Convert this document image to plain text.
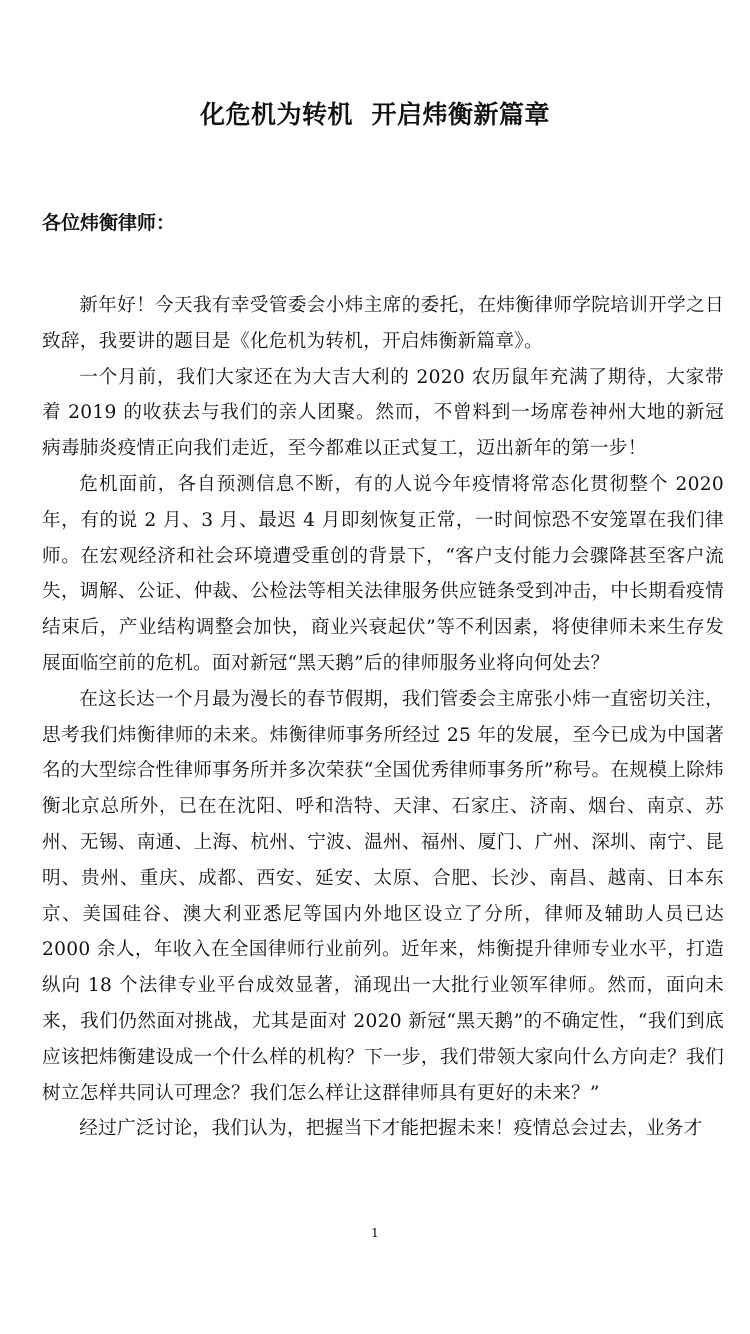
化危机为转机  开启炜衡新篇章

各位炜衡律师：

新年好！今天我有幸受管委会小炜主席的委托，在炜衡律师学院培训开学之日致辞，我要讲的题目是《化危机为转机，开启炜衡新篇章》。

一个月前，我们大家还在为大吉大利的 2020 农历鼠年充满了期待，大家带着 2019 的收获去与我们的亲人团聚。然而，不曾料到一场席卷神州大地的新冠病毒肺炎疫情正向我们走近，至今都难以正式复工，迈出新年的第一步！

危机面前，各自预测信息不断，有的人说今年疫情将常态化贯彻整个 2020 年，有的说 2 月、3 月、最迟 4 月即刻恢复正常，一时间惊恐不安笼罩在我们律师。在宏观经济和社会环境遭受重创的背景下，“客户支付能力会骤降甚至客户流失，调解、公证、仲裁、公检法等相关法律服务供应链条受到冲击，中长期看疫情结束后，产业结构调整会加快，商业兴衰起伏”等不利因素，将使律师未来生存发展面临空前的危机。面对新冠“黑天鹅”后的律师服务业将向何处去？

在这长达一个月最为漫长的春节假期，我们管委会主席张小炜一直密切关注，思考我们炜衡律师的未来。炜衡律师事务所经过 25 年的发展，至今已成为中国著名的大型综合性律师事务所并多次荣获“全国优秀律师事务所”称号。在规模上除炜衡北京总所外，已在在沈阳、呼和浩特、天津、石家庄、济南、烟台、南京、苏州、无锡、南通、上海、杭州、宁波、温州、福州、厦门、广州、深圳、南宁、昆明、贵州、重庆、成都、西安、延安、太原、合肥、长沙、南昌、越南、日本东京、美国硅谷、澳大利亚悉尼等国内外地区设立了分所，律师及辅助人员已达 2000 余人，年收入在全国律师行业前列。近年来，炜衡提升律师专业水平，打造纵向 18 个法律专业平台成效显著，涌现出一大批行业领军律师。然而，面向未来，我们仍然面对挑战，尤其是面对 2020 新冠“黑天鹅”的不确定性，“我们到底应该把炜衡建设成一个什么样的机构？下一步，我们带领大家向什么方向走？我们树立怎样共同认可理念？我们怎么样让这群律师具有更好的未来？”

经过广泛讨论，我们认为，把握当下才能把握未来！疫情总会过去，业务才

1
